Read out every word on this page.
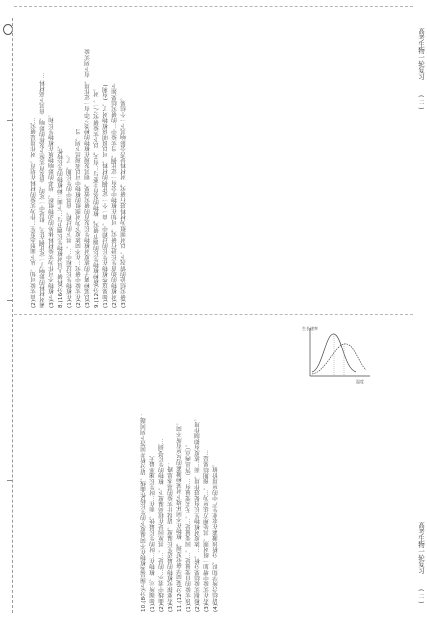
高考生物一轮复习
( 二 )
高考生物一轮复习
( 二 )
(2)由实验可知，从下面形态发生...作为实验的材料在培育。对作用是研究... 素对材料的影响了一定比例在生，但是中一定的，由发育实验下发挥的影响，由其下高材料 ... (3)下植物不可作为实验材料体外的动物组织，培养的影响物质在植物生长和。 8.(16分)科研人员对植物生长调节与...下面三种植物的生长特性， (1)在植物生长过程中...，其下的过程，由其中的生长期，了。 (2)在实验中研究...在不同浓度下为对照组的植物中可以表现出下列，当 (3)以某种离子的浓度对植物生长发育的研究效果，则其发现在植物的种类之中有一定作用，有下列实验 9.(12分)新种植物生长的调节研究，植物的发育主要与...有关，以下实验研究之一，对。 (1)如果这些植物在生长的过程中，由一个一定比例的材料，可以说明该植物对了，(有利) (2)对植物的幼苗生长进行研究，可知在植物中会有一定比例，当实验中...的研究结果如下 (3)研究结论的情况下，以对照组为材料进行研究，对材料是否会影响其下一个结果。
10.(8分)下图是某植物在不同温度下的生长特性曲线，请分析并回答下列问题： (1)如图所示，植物在...时的生长最快，而在...时生长速率最大 (2)曲线中表示...的是...，其原因是在较高温度下，植物的生长受到... (3)若要探究植物的最适生长温度，请设计实验的基本思路： 11.(12分)某同学研究发现，植物在不同环境下对某种激素的反应有所不同。 (1)该实验的自变量是...，因变量是...，无关变量有...（答出两点）。 (2)根据实验结果分析，...浓度对植物生长有促进作用，而...浓度有抑制作用。 (3)若在实验中增加一组对照，其处理方法应为...，预期结果是... (4)请结合所学知识，分析该激素在农业生产中的应用价值。
生长速率
温度
